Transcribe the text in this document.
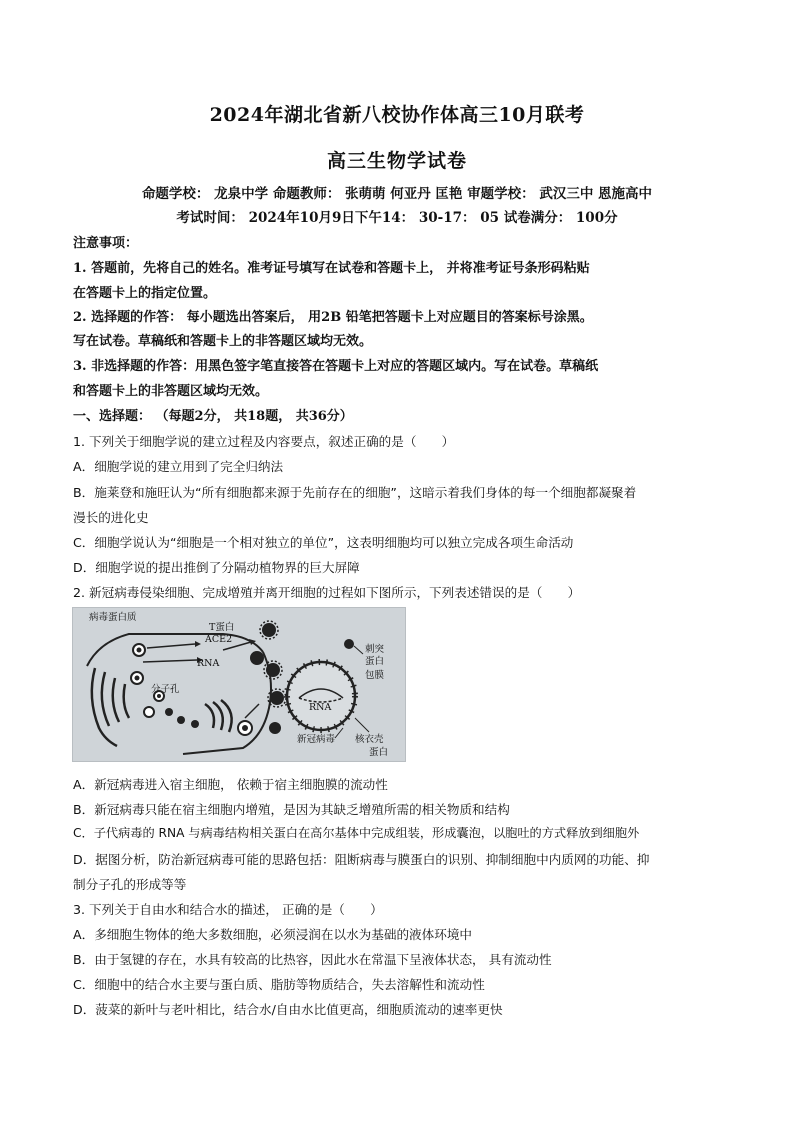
2024年湖北省新八校协作体高三10月联考
高三生物学试卷
命题学校： 龙泉中学 命题教师： 张萌萌 何亚丹 匡艳 审题学校： 武汉三中 恩施高中
考试时间： 2024年10月9日下午14： 30-17： 05 试卷满分： 100分
注意事项：
1. 答题前，先将自己的姓名。准考证号填写在试卷和答题卡上， 并将准考证号条形码粘贴
在答题卡上的指定位置。
2. 选择题的作答： 每小题选出答案后， 用2B 铅笔把答题卡上对应题目的答案标号涂黑。
写在试卷。草稿纸和答题卡上的非答题区域均无效。
3. 非选择题的作答：用黑色签字笔直接答在答题卡上对应的答题区域内。写在试卷。草稿纸
和答题卡上的非答题区域均无效。
一、选择题： （每题2分， 共18题， 共36分）
1. 下列关于细胞学说的建立过程及内容要点，叙述正确的是（　　）
A．细胞学说的建立用到了完全归纳法
B．施莱登和施旺认为“所有细胞都来源于先前存在的细胞”，这暗示着我们身体的每一个细胞都凝聚着
漫长的进化史
C．细胞学说认为“细胞是一个相对独立的单位”，这表明细胞均可以独立完成各项生命活动
D．细胞学说的提出推倒了分隔动植物界的巨大屏障
2. 新冠病毒侵染细胞、完成增殖并离开细胞的过程如下图所示，下列表述错误的是（　　）
病毒蛋白质
T蛋白
ACE2
RNA
分子孔
刺突
蛋白
包膜
RNA
新冠病毒 核衣壳
蛋白
A．新冠病毒进入宿主细胞， 依赖于宿主细胞膜的流动性
B．新冠病毒只能在宿主细胞内增殖，是因为其缺乏增殖所需的相关物质和结构
C．子代病毒的 RNA 与病毒结构相关蛋白在高尔基体中完成组装，形成囊泡，以胞吐的方式释放到细胞外
D．据图分析，防治新冠病毒可能的思路包括：阻断病毒与膜蛋白的识别、抑制细胞中内质网的功能、抑
制分子孔的形成等等
3. 下列关于自由水和结合水的描述， 正确的是（　　）
A．多细胞生物体的绝大多数细胞，必须浸润在以水为基础的液体环境中
B．由于氢键的存在，水具有较高的比热容，因此水在常温下呈液体状态， 具有流动性
C．细胞中的结合水主要与蛋白质、脂肪等物质结合，失去溶解性和流动性
D．菠菜的新叶与老叶相比，结合水/自由水比值更高，细胞质流动的速率更快
